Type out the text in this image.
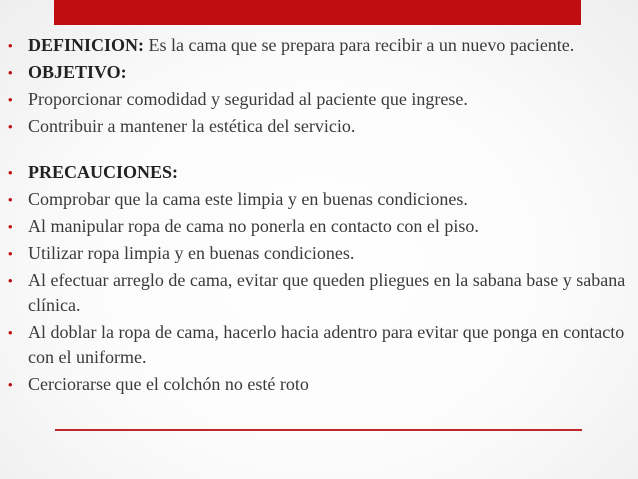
• DEFINICION: Es la cama que se prepara para recibir a un nuevo paciente.

• OBJETIVO:

• Proporcionar comodidad y seguridad al paciente que ingrese.

• Contribuir a mantener la estética del servicio.

• PRECAUCIONES:

• Comprobar que la cama este limpia y en buenas condiciones.

• Al manipular ropa de cama no ponerla en contacto con el piso.

• Utilizar ropa limpia y en buenas condiciones.

• Al efectuar arreglo de cama, evitar que queden pliegues en la sabana base y sabana clínica.

• Al doblar la ropa de cama, hacerlo hacia adentro para evitar que ponga en contacto con el uniforme.

• Cerciorarse que el colchón no esté roto
